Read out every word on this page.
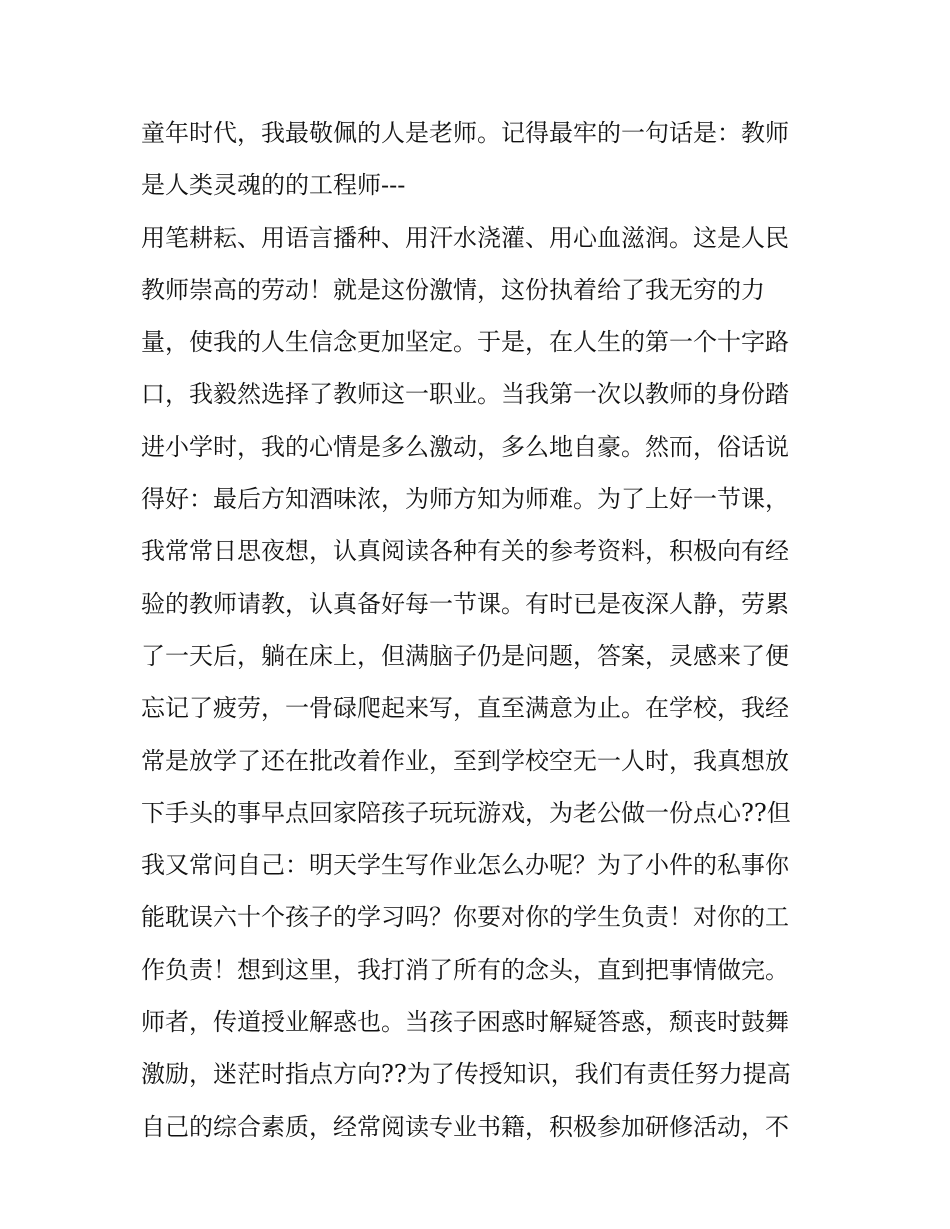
童年时代，我最敬佩的人是老师。记得最牢的一句话是：教师
是人类灵魂的的工程师---
用笔耕耘、用语言播种、用汗水浇灌、用心血滋润。这是人民
教师崇高的劳动！就是这份激情，这份执着给了我无穷的力
量，使我的人生信念更加坚定。于是，在人生的第一个十字路
口，我毅然选择了教师这一职业。当我第一次以教师的身份踏
进小学时，我的心情是多么激动，多么地自豪。然而，俗话说
得好：最后方知酒味浓，为师方知为师难。为了上好一节课，
我常常日思夜想，认真阅读各种有关的参考资料，积极向有经
验的教师请教，认真备好每一节课。有时已是夜深人静，劳累
了一天后，躺在床上，但满脑子仍是问题，答案，灵感来了便
忘记了疲劳，一骨碌爬起来写，直至满意为止。在学校，我经
常是放学了还在批改着作业，至到学校空无一人时，我真想放
下手头的事早点回家陪孩子玩玩游戏，为老公做一份点心??但
我又常问自己：明天学生写作业怎么办呢？为了小件的私事你
能耽误六十个孩子的学习吗？你要对你的学生负责！对你的工
作负责！想到这里，我打消了所有的念头，直到把事情做完。
师者，传道授业解惑也。当孩子困惑时解疑答惑，颓丧时鼓舞
激励，迷茫时指点方向??为了传授知识，我们有责任努力提高
自己的综合素质，经常阅读专业书籍，积极参加研修活动，不
